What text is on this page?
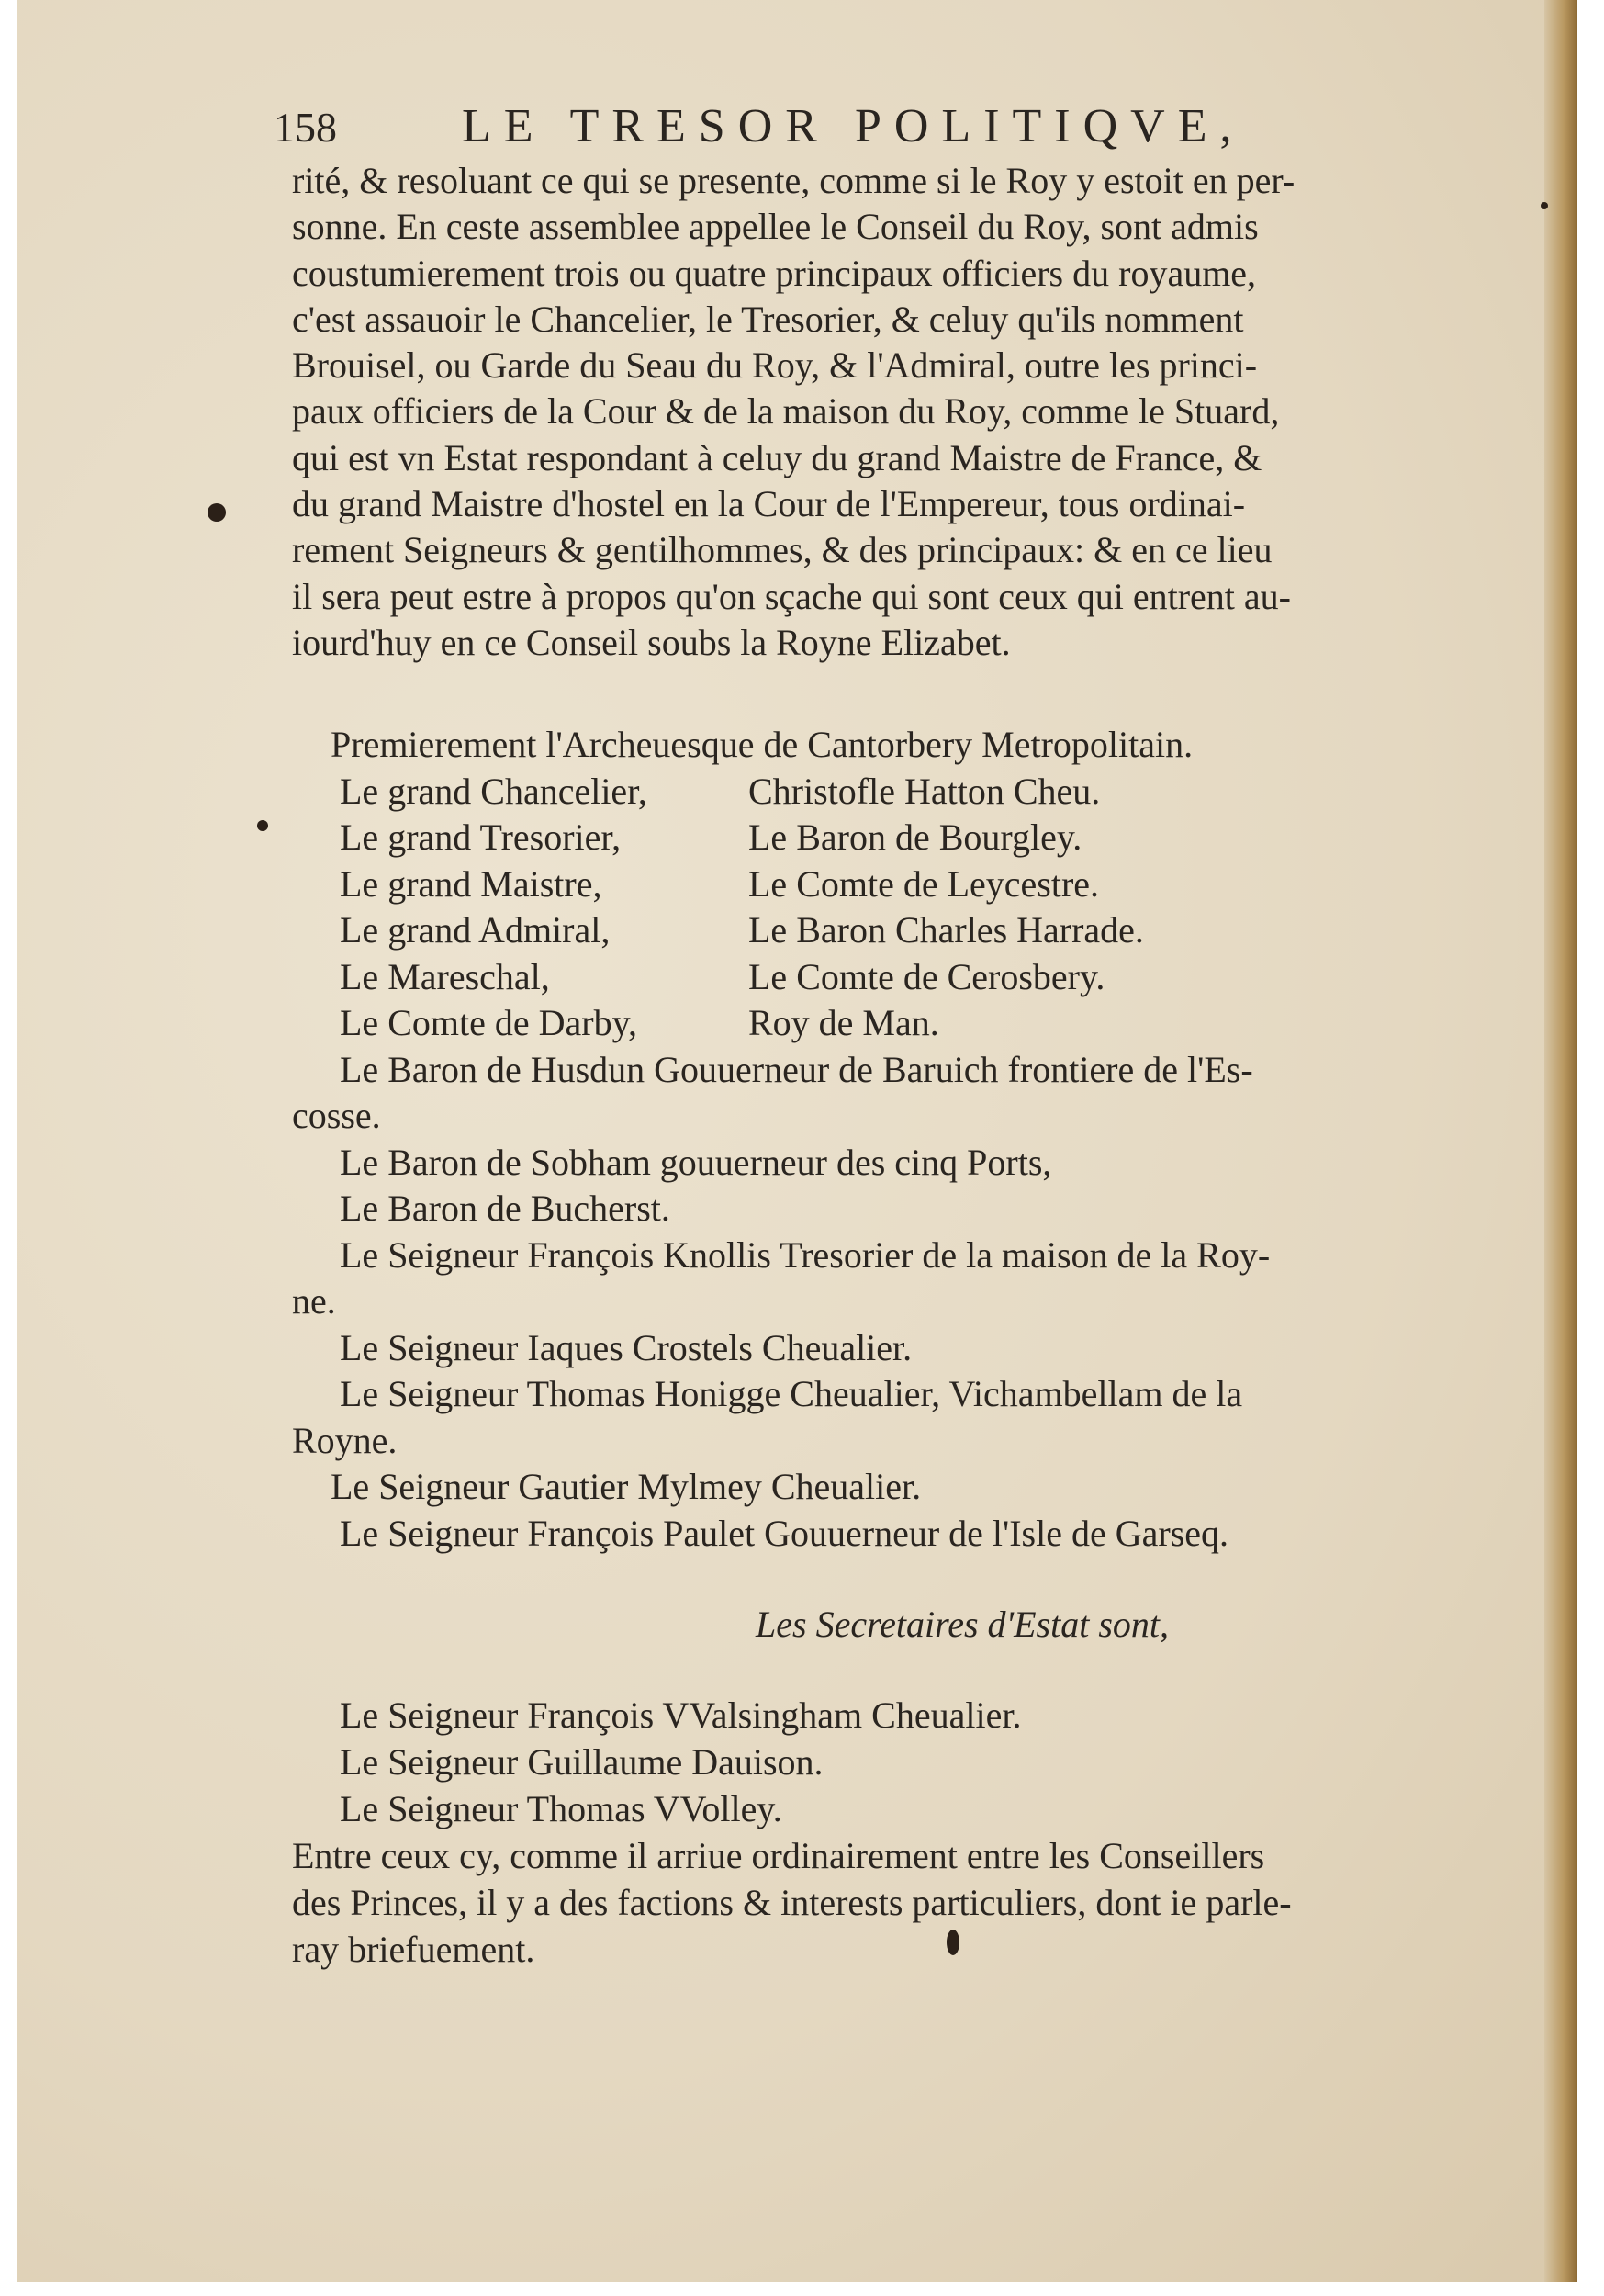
158	LE TRESOR POLITIQVE,
rité, & resoluant ce qui se presente, comme si le Roy y estoit en per-
sonne. En ceste assemblee appellee le Conseil du Roy, sont admis
coustumierement trois ou quatre principaux officiers du royaume,
c'est assauoir le Chancelier, le Tresorier, & celuy qu'ils nomment
Brouisel, ou Garde du Seau du Roy, & l'Admiral, outre les princi-
paux officiers de la Cour & de la maison du Roy, comme le Stuard,
qui est vn Estat respondant à celuy du grand Maistre de France, &
du grand Maistre d'hostel en la Cour de l'Empereur, tous ordinai-
rement Seigneurs & gentilhommes, & des principaux: & en ce lieu
il sera peut estre à propos qu'on sçache qui sont ceux qui entrent au-
iourd'huy en ce Conseil soubs la Royne Elizabet.
Premierement l'Archeuesque de Cantorbery Metropolitain.
Le grand Chancelier,	Christofle Hatton Cheu.
Le grand Tresorier,	Le Baron de Bourgley.
Le grand Maistre,	Le Comte de Leycestre.
Le grand Admiral,	Le Baron Charles Harrade.
Le Mareschal,	Le Comte de Cerosbery.
Le Comte de Darby,	Roy de Man.
Le Baron de Husdun Gouuerneur de Baruich frontiere de l'Es-
cosse.
Le Baron de Sobham gouuerneur des cinq Ports,
Le Baron de Bucherst.
Le Seigneur François Knollis Tresorier de la maison de la Roy-
ne.
Le Seigneur Iaques Crostels Cheualier.
Le Seigneur Thomas Honigge Cheualier, Vichambellam de la
Royne.
Le Seigneur Gautier Mylmey Cheualier.
Le Seigneur François Paulet Gouuerneur de l'Isle de Garseq.
Les Secretaires d'Estat sont,
Le Seigneur François VValsingham Cheualier.
Le Seigneur Guillaume Dauison.
Le Seigneur Thomas VVolley.
Entre ceux cy, comme il arriue ordinairement entre les Conseillers
des Princes, il y a des factions & interests particuliers, dont ie parle-
ray briefuement.
